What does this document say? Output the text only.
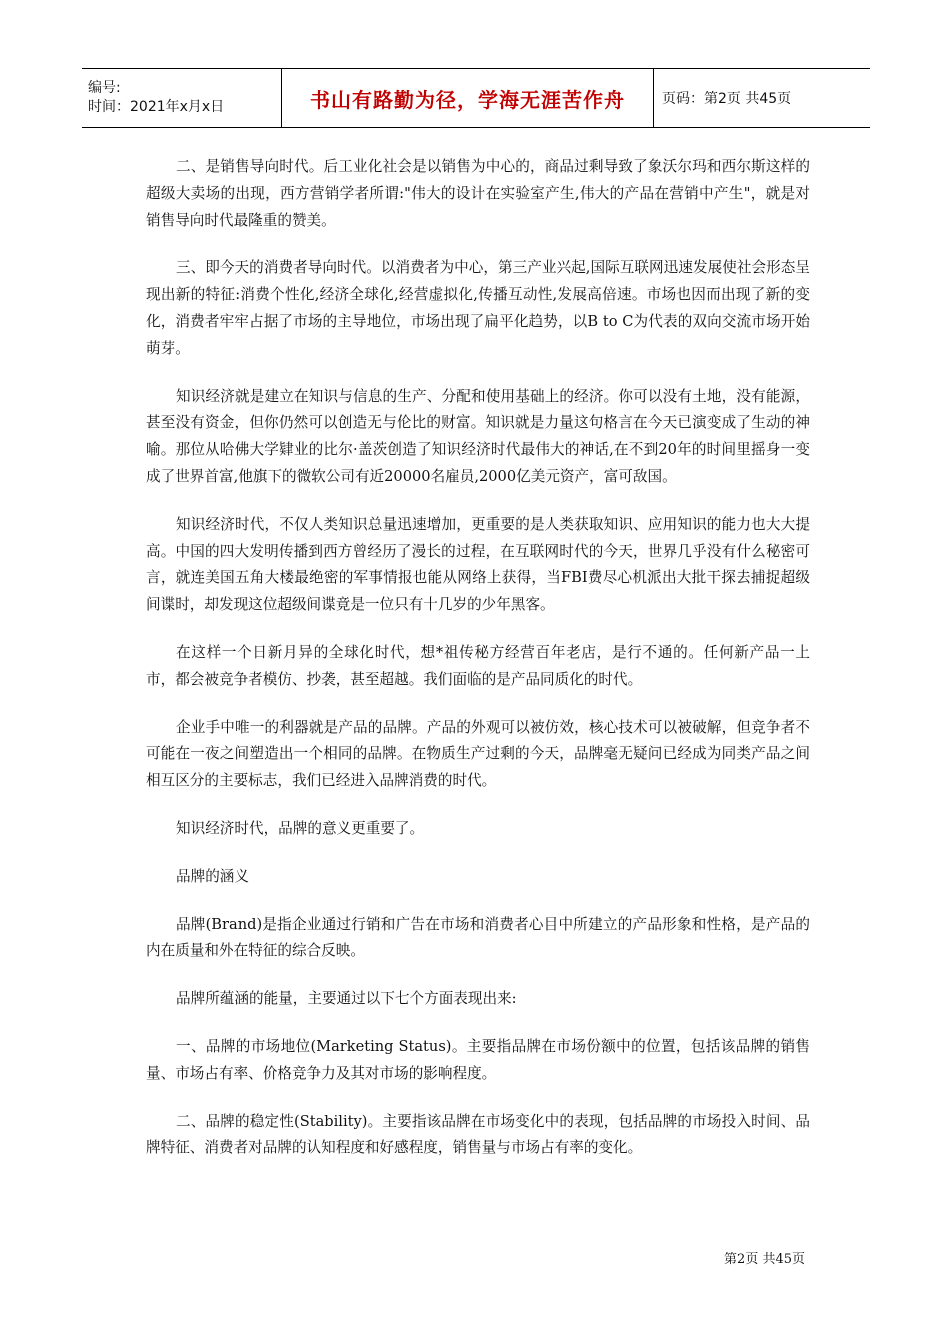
编号:
时间：2021年x月x日	书山有路勤为径，学海无涯苦作舟	页码：第2页 共45页

二、是销售导向时代。后工业化社会是以销售为中心的，商品过剩导致了象沃尔玛和西尔斯这样的超级大卖场的出现，西方营销学者所谓:"伟大的设计在实验室产生,伟大的产品在营销中产生"，就是对销售导向时代最隆重的赞美。

三、即今天的消费者导向时代。以消费者为中心，第三产业兴起,国际互联网迅速发展使社会形态呈现出新的特征:消费个性化,经济全球化,经营虚拟化,传播互动性,发展高倍速。市场也因而出现了新的变化，消费者牢牢占据了市场的主导地位，市场出现了扁平化趋势，以B to C为代表的双向交流市场开始萌芽。

知识经济就是建立在知识与信息的生产、分配和使用基础上的经济。你可以没有土地，没有能源，甚至没有资金，但你仍然可以创造无与伦比的财富。知识就是力量这句格言在今天已演变成了生动的神喻。那位从哈佛大学肄业的比尔·盖茨创造了知识经济时代最伟大的神话,在不到20年的时间里摇身一变成了世界首富,他旗下的微软公司有近20000名雇员,2000亿美元资产，富可敌国。

知识经济时代，不仅人类知识总量迅速增加，更重要的是人类获取知识、应用知识的能力也大大提高。中国的四大发明传播到西方曾经历了漫长的过程，在互联网时代的今天，世界几乎没有什么秘密可言，就连美国五角大楼最绝密的军事情报也能从网络上获得，当FBI费尽心机派出大批干探去捕捉超级间谍时，却发现这位超级间谍竟是一位只有十几岁的少年黑客。

在这样一个日新月异的全球化时代，想*祖传秘方经营百年老店，是行不通的。任何新产品一上市，都会被竞争者模仿、抄袭，甚至超越。我们面临的是产品同质化的时代。

企业手中唯一的利器就是产品的品牌。产品的外观可以被仿效，核心技术可以被破解，但竞争者不可能在一夜之间塑造出一个相同的品牌。在物质生产过剩的今天，品牌毫无疑问已经成为同类产品之间相互区分的主要标志，我们已经进入品牌消费的时代。

知识经济时代，品牌的意义更重要了。

品牌的涵义

品牌(Brand)是指企业通过行销和广告在市场和消费者心目中所建立的产品形象和性格，是产品的内在质量和外在特征的综合反映。

品牌所蕴涵的能量，主要通过以下七个方面表现出来:

一、品牌的市场地位(Marketing Status)。主要指品牌在市场份额中的位置，包括该品牌的销售量、市场占有率、价格竞争力及其对市场的影响程度。

二、品牌的稳定性(Stability)。主要指该品牌在市场变化中的表现，包括品牌的市场投入时间、品牌特征、消费者对品牌的认知程度和好感程度，销售量与市场占有率的变化。

第2页 共45页
